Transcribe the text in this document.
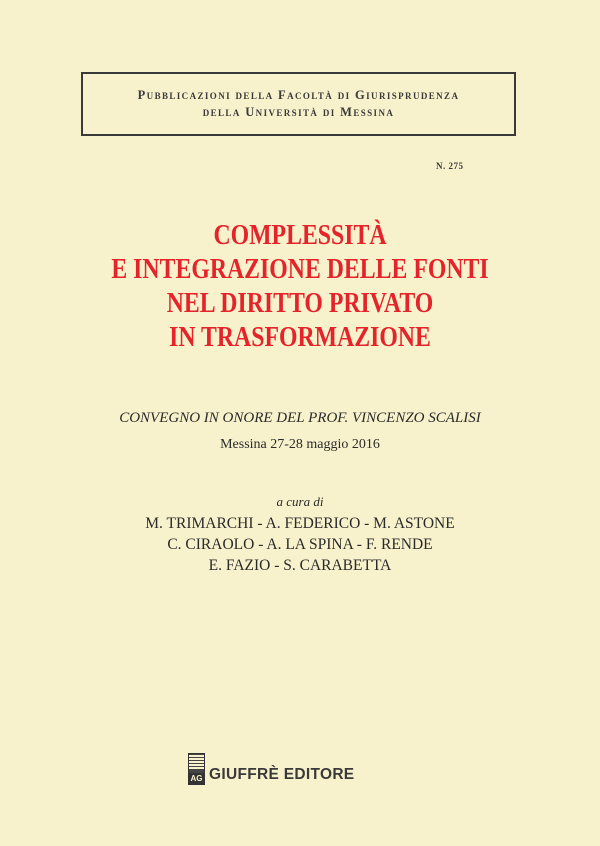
Pubblicazioni della Facoltà di Giurisprudenza
della Università di Messina
N. 275
COMPLESSITÀ
E INTEGRAZIONE DELLE FONTI
NEL DIRITTO PRIVATO
IN TRASFORMAZIONE
CONVEGNO IN ONORE DEL PROF. VINCENZO SCALISI
Messina 27-28 maggio 2016
a cura di
M. TRIMARCHI - A. FEDERICO - M. ASTONE
C. CIRAOLO - A. LA SPINA - F. RENDE
E. FAZIO - S. CARABETTA
AG GIUFFRÈ EDITORE
